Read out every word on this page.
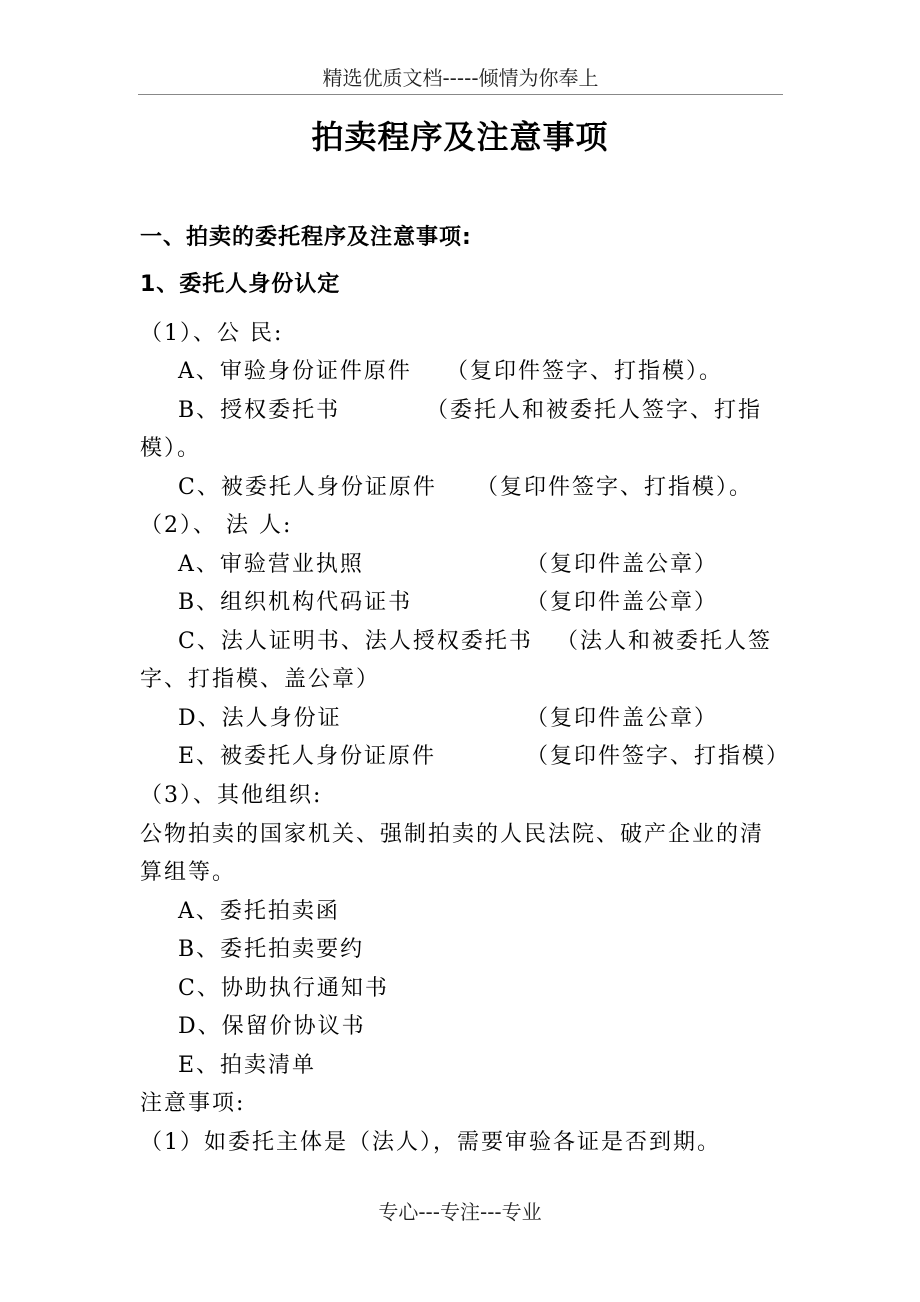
精选优质文档-----倾情为你奉上
拍卖程序及注意事项
一、拍卖的委托程序及注意事项:
1、委托人身份认定
（1）、公 民:
A、审验身份证件原件 （复印件签字、打指模）。
B、授权委托书	（委托人和被委托人签字、打指
模）。
C、被委托人身份证原件 （复印件签字、打指模）。
（2）、 法 人:
A、审验营业执照	（复印件盖公章）
B、组织机构代码证书	（复印件盖公章）
C、法人证明书、法人授权委托书 （法人和被委托人签
字、打指模、盖公章）
D、法人身份证	（复印件盖公章）
E、被委托人身份证原件	（复印件签字、打指模）
（3）、其他组织:
公物拍卖的国家机关、强制拍卖的人民法院、破产企业的清
算组等。
A、委托拍卖函
B、委托拍卖要约
C、协助执行通知书
D、保留价协议书
E、拍卖清单
注意事项:
（1）如委托主体是（法人），需要审验各证是否到期。
专心---专注---专业
